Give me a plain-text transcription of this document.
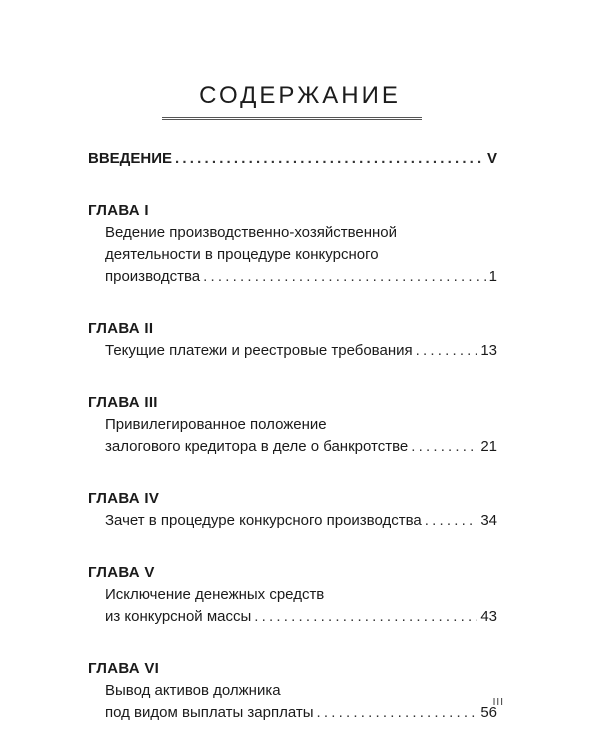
СОДЕРЖАНИЕ
ВВЕДЕНИЕ .....	V
ГЛАВА I
Ведение производственно-хозяйственной
деятельности в процедуре конкурсного
производства .....	1
ГЛАВА II
Текущие платежи и реестровые требования .....	13
ГЛАВА III
Привилегированное положение
залогового кредитора в деле о банкротстве .....	21
ГЛАВА IV
Зачет в процедуре конкурсного производства .....	34
ГЛАВА V
Исключение денежных средств
из конкурсной массы .....	43
ГЛАВА VI
Вывод активов должника
под видом выплаты зарплаты .....	56
III
